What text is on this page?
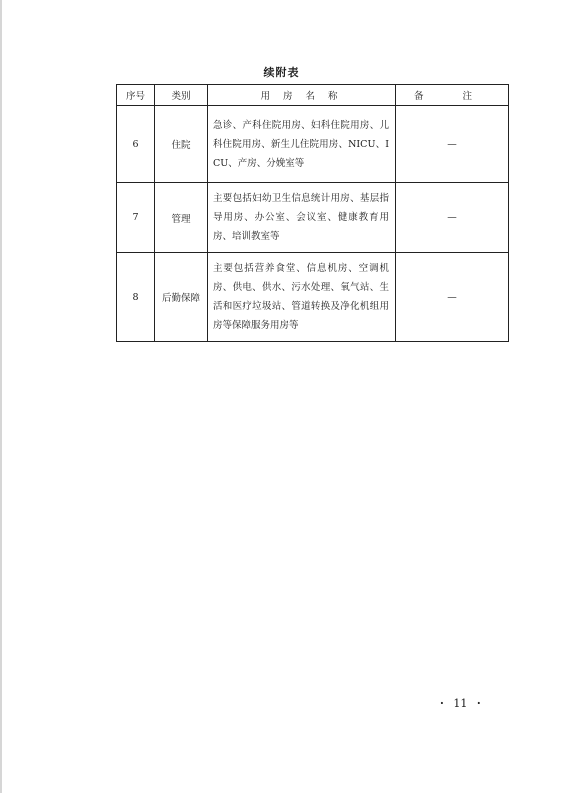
续附表
序号	类别	用 房 名 称	备 注
6	住院	急诊、产科住院用房、妇科住院用房、儿科住院用房、新生儿住院用房、NICU、ICU、产房、分娩室等	—
7	管理	主要包括妇幼卫生信息统计用房、基层指导用房、办公室、会议室、健康教育用房、培训教室等	—
8	后勤保障	主要包括营养食堂、信息机房、空调机房、供电、供水、污水处理、氧气站、生活和医疗垃圾站、管道转换及净化机组用房等保障服务用房等	—
· 11 ·
